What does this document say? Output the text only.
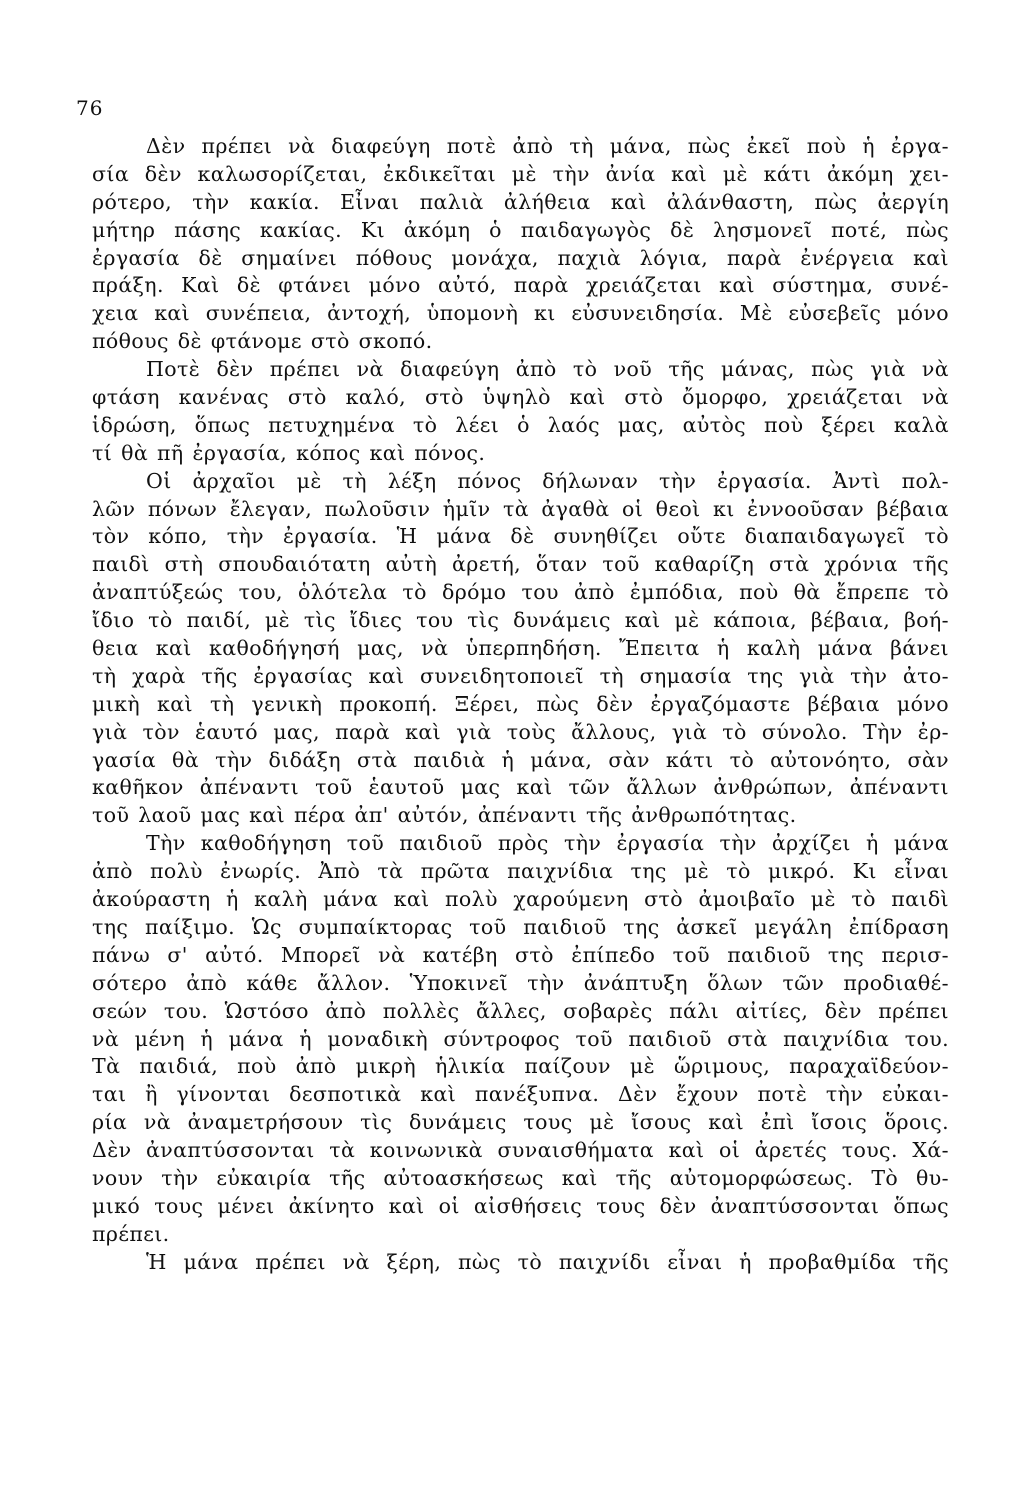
76
Δὲν πρέπει νὰ διαφεύγη ποτὲ ἀπὸ τὴ μάνα, πὼς ἐκεῖ ποὺ ἡ ἐργα-
σία δὲν καλωσορίζεται, ἐκδικεῖται μὲ τὴν ἀνία καὶ μὲ κάτι ἀκόμη χει-
ρότερο, τὴν κακία. Εἶναι παλιὰ ἀλήθεια καὶ ἀλάνθαστη, πὼς ἀεργίη
μήτηρ πάσης κακίας. Κι ἀκόμη ὁ παιδαγωγὸς δὲ λησμονεῖ ποτέ, πὼς
ἐργασία δὲ σημαίνει πόθους μονάχα, παχιὰ λόγια, παρὰ ἐνέργεια καὶ
πράξη. Καὶ δὲ φτάνει μόνο αὐτό, παρὰ χρειάζεται καὶ σύστημα, συνέ-
χεια καὶ συνέπεια, ἀντοχή, ὑπομονὴ κι εὐσυνειδησία. Μὲ εὐσεβεῖς μόνο
πόθους δὲ φτάνομε στὸ σκοπό.
Ποτὲ δὲν πρέπει νὰ διαφεύγη ἀπὸ τὸ νοῦ τῆς μάνας, πὼς γιὰ νὰ
φτάση κανένας στὸ καλό, στὸ ὑψηλὸ καὶ στὸ ὄμορφο, χρειάζεται νὰ
ἱδρώση, ὅπως πετυχημένα τὸ λέει ὁ λαός μας, αὐτὸς ποὺ ξέρει καλὰ
τί θὰ πῆ ἐργασία, κόπος καὶ πόνος.
Οἱ ἀρχαῖοι μὲ τὴ λέξη πόνος δήλωναν τὴν ἐργασία. Ἀντὶ πολ-
λῶν πόνων ἔλεγαν, πωλοῦσιν ἡμῖν τὰ ἀγαθὰ οἱ θεοὶ κι ἐννοοῦσαν βέβαια
τὸν κόπο, τὴν ἐργασία. Ἡ μάνα δὲ συνηθίζει οὔτε διαπαιδαγωγεῖ τὸ
παιδὶ στὴ σπουδαιότατη αὐτὴ ἀρετή, ὅταν τοῦ καθαρίζη στὰ χρόνια τῆς
ἀναπτύξεώς του, ὁλότελα τὸ δρόμο του ἀπὸ ἐμπόδια, ποὺ θὰ ἔπρεπε τὸ
ἴδιο τὸ παιδί, μὲ τὶς ἴδιες του τὶς δυνάμεις καὶ μὲ κάποια, βέβαια, βοή-
θεια καὶ καθοδήγησή μας, νὰ ὑπερπηδήση. Ἔπειτα ἡ καλὴ μάνα βάνει
τὴ χαρὰ τῆς ἐργασίας καὶ συνειδητοποιεῖ τὴ σημασία της γιὰ τὴν ἀτο-
μικὴ καὶ τὴ γενικὴ προκοπή. Ξέρει, πὼς δὲν ἐργαζόμαστε βέβαια μόνο
γιὰ τὸν ἑαυτό μας, παρὰ καὶ γιὰ τοὺς ἄλλους, γιὰ τὸ σύνολο. Τὴν ἐρ-
γασία θὰ τὴν διδάξη στὰ παιδιὰ ἡ μάνα, σὰν κάτι τὸ αὐτονόητο, σὰν
καθῆκον ἀπέναντι τοῦ ἑαυτοῦ μας καὶ τῶν ἄλλων ἀνθρώπων, ἀπέναντι
τοῦ λαοῦ μας καὶ πέρα ἀπ' αὐτόν, ἀπέναντι τῆς ἀνθρωπότητας.
Τὴν καθοδήγηση τοῦ παιδιοῦ πρὸς τὴν ἐργασία τὴν ἀρχίζει ἡ μάνα
ἀπὸ πολὺ ἐνωρίς. Ἀπὸ τὰ πρῶτα παιχνίδια της μὲ τὸ μικρό. Κι εἶναι
ἀκούραστη ἡ καλὴ μάνα καὶ πολὺ χαρούμενη στὸ ἀμοιβαῖο μὲ τὸ παιδὶ
της παίξιμο. Ὡς συμπαίκτορας τοῦ παιδιοῦ της ἀσκεῖ μεγάλη ἐπίδραση
πάνω σ' αὐτό. Μπορεῖ νὰ κατέβη στὸ ἐπίπεδο τοῦ παιδιοῦ της περισ-
σότερο ἀπὸ κάθε ἄλλον. Ὑποκινεῖ τὴν ἀνάπτυξη ὅλων τῶν προδιαθέ-
σεών του. Ὡστόσο ἀπὸ πολλὲς ἄλλες, σοβαρὲς πάλι αἰτίες, δὲν πρέπει
νὰ μένη ἡ μάνα ἡ μοναδικὴ σύντροφος τοῦ παιδιοῦ στὰ παιχνίδια του.
Τὰ παιδιά, ποὺ ἀπὸ μικρὴ ἡλικία παίζουν μὲ ὥριμους, παραχαϊδεύον-
ται ἢ γίνονται δεσποτικὰ καὶ πανέξυπνα. Δὲν ἔχουν ποτὲ τὴν εὐκαι-
ρία νὰ ἀναμετρήσουν τὶς δυνάμεις τους μὲ ἴσους καὶ ἐπὶ ἴσοις ὅροις.
Δὲν ἀναπτύσσονται τὰ κοινωνικὰ συναισθήματα καὶ οἱ ἀρετές τους. Χά-
νουν τὴν εὐκαιρία τῆς αὐτοασκήσεως καὶ τῆς αὐτομορφώσεως. Τὸ θυ-
μικό τους μένει ἀκίνητο καὶ οἱ αἰσθήσεις τους δὲν ἀναπτύσσονται ὅπως
πρέπει.
Ἡ μάνα πρέπει νὰ ξέρη, πὼς τὸ παιχνίδι εἶναι ἡ προβαθμίδα τῆς
